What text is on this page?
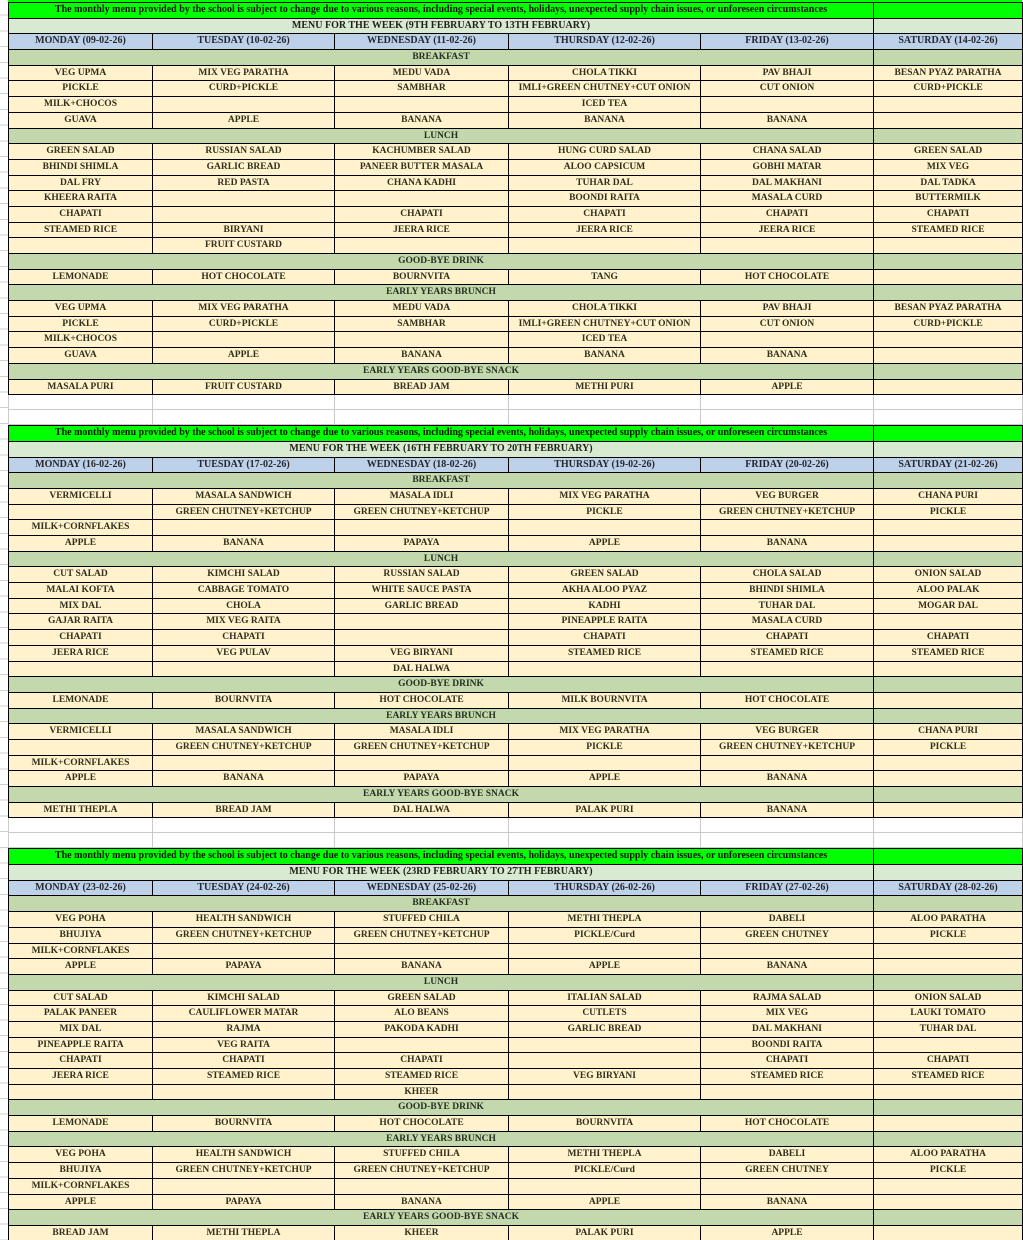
The monthly menu provided by the school is subject to change due to various reasons, including special events, holidays, unexpected supply chain issues, or unforeseen circumstances					
MENU FOR THE WEEK (9TH FEBRUARY TO 13TH FEBRUARY)					
MONDAY (09-02-26)	TUESDAY (10-02-26)	WEDNESDAY (11-02-26)	THURSDAY (12-02-26)	FRIDAY (13-02-26)	SATURDAY (14-02-26)
BREAKFAST					
VEG UPMA	MIX VEG PARATHA	MEDU VADA	CHOLA TIKKI	PAV BHAJI	BESAN PYAZ PARATHA
PICKLE	CURD+PICKLE	SAMBHAR	IMLI+GREEN CHUTNEY+CUT ONION	CUT ONION	CURD+PICKLE
MILK+CHOCOS			ICED TEA		
GUAVA	APPLE	BANANA	BANANA	BANANA	
LUNCH					
GREEN SALAD	RUSSIAN SALAD	KACHUMBER SALAD	HUNG CURD SALAD	CHANA SALAD	GREEN SALAD
BHINDI SHIMLA	GARLIC BREAD	PANEER BUTTER MASALA	ALOO CAPSICUM	GOBHI MATAR	MIX VEG
DAL FRY	RED PASTA	CHANA KADHI	TUHAR DAL	DAL MAKHANI	DAL TADKA
KHEERA RAITA			BOONDI RAITA	MASALA CURD	BUTTERMILK
CHAPATI		CHAPATI	CHAPATI	CHAPATI	CHAPATI
STEAMED RICE	BIRYANI	JEERA RICE	JEERA RICE	JEERA RICE	STEAMED RICE
	FRUIT CUSTARD				
GOOD-BYE DRINK					
LEMONADE	HOT CHOCOLATE	BOURNVITA	TANG	HOT CHOCOLATE	
EARLY YEARS BRUNCH					
VEG UPMA	MIX VEG PARATHA	MEDU VADA	CHOLA TIKKI	PAV BHAJI	BESAN PYAZ PARATHA
PICKLE	CURD+PICKLE	SAMBHAR	IMLI+GREEN CHUTNEY+CUT ONION	CUT ONION	CURD+PICKLE
MILK+CHOCOS			ICED TEA		
GUAVA	APPLE	BANANA	BANANA	BANANA	
EARLY YEARS GOOD-BYE SNACK					
MASALA PURI	FRUIT CUSTARD	BREAD JAM	METHI PURI	APPLE	
The monthly menu provided by the school is subject to change due to various reasons, including special events, holidays, unexpected supply chain issues, or unforeseen circumstances					
MENU FOR THE WEEK (16TH FEBRUARY TO 20TH FEBRUARY)					
MONDAY (16-02-26)	TUESDAY (17-02-26)	WEDNESDAY (18-02-26)	THURSDAY (19-02-26)	FRIDAY (20-02-26)	SATURDAY (21-02-26)
BREAKFAST					
VERMICELLI	MASALA SANDWICH	MASALA IDLI	MIX VEG PARATHA	VEG BURGER	CHANA PURI
	GREEN CHUTNEY+KETCHUP	GREEN CHUTNEY+KETCHUP	PICKLE	GREEN CHUTNEY+KETCHUP	PICKLE
MILK+CORNFLAKES					
APPLE	BANANA	PAPAYA	APPLE	BANANA	
LUNCH					
CUT SALAD	KIMCHI SALAD	RUSSIAN SALAD	GREEN SALAD	CHOLA SALAD	ONION SALAD
MALAI KOFTA	CABBAGE TOMATO	WHITE SAUCE PASTA	AKHA ALOO PYAZ	BHINDI SHIMLA	ALOO PALAK
MIX DAL	CHOLA	GARLIC BREAD	KADHI	TUHAR DAL	MOGAR DAL
GAJAR RAITA	MIX VEG RAITA		PINEAPPLE RAITA	MASALA CURD	
CHAPATI	CHAPATI		CHAPATI	CHAPATI	CHAPATI
JEERA RICE	VEG PULAV	VEG BIRYANI	STEAMED RICE	STEAMED RICE	STEAMED RICE
		DAL HALWA			
GOOD-BYE DRINK					
LEMONADE	BOURNVITA	HOT CHOCOLATE	MILK BOURNVITA	HOT CHOCOLATE	
EARLY YEARS BRUNCH					
VERMICELLI	MASALA SANDWICH	MASALA IDLI	MIX VEG PARATHA	VEG BURGER	CHANA PURI
	GREEN CHUTNEY+KETCHUP	GREEN CHUTNEY+KETCHUP	PICKLE	GREEN CHUTNEY+KETCHUP	PICKLE
MILK+CORNFLAKES					
APPLE	BANANA	PAPAYA	APPLE	BANANA	
EARLY YEARS GOOD-BYE SNACK					
METHI THEPLA	BREAD JAM	DAL HALWA	PALAK PURI	BANANA	
The monthly menu provided by the school is subject to change due to various reasons, including special events, holidays, unexpected supply chain issues, or unforeseen circumstances					
MENU FOR THE WEEK (23RD FEBRUARY TO 27TH FEBRUARY)					
MONDAY (23-02-26)	TUESDAY (24-02-26)	WEDNESDAY (25-02-26)	THURSDAY (26-02-26)	FRIDAY (27-02-26)	SATURDAY (28-02-26)
BREAKFAST					
VEG POHA	HEALTH SANDWICH	STUFFED CHILA	METHI THEPLA	DABELI	ALOO PARATHA
BHUJIYA	GREEN CHUTNEY+KETCHUP	GREEN CHUTNEY+KETCHUP	PICKLE/Curd	GREEN CHUTNEY	PICKLE
MILK+CORNFLAKES					
APPLE	PAPAYA	BANANA	APPLE	BANANA	
LUNCH					
CUT SALAD	KIMCHI SALAD	GREEN SALAD	ITALIAN SALAD	RAJMA SALAD	ONION SALAD
PALAK PANEER	CAULIFLOWER MATAR	ALO BEANS	CUTLETS	MIX VEG	LAUKI TOMATO
MIX DAL	RAJMA	PAKODA KADHI	GARLIC BREAD	DAL MAKHANI	TUHAR DAL
PINEAPPLE RAITA	VEG RAITA			BOONDI RAITA	
CHAPATI	CHAPATI	CHAPATI		CHAPATI	CHAPATI
JEERA RICE	STEAMED RICE	STEAMED RICE	VEG BIRYANI	STEAMED RICE	STEAMED RICE
		KHEER			
GOOD-BYE DRINK					
LEMONADE	BOURNVITA	HOT CHOCOLATE	BOURNVITA	HOT CHOCOLATE	
EARLY YEARS BRUNCH					
VEG POHA	HEALTH SANDWICH	STUFFED CHILA	METHI THEPLA	DABELI	ALOO PARATHA
BHUJIYA	GREEN CHUTNEY+KETCHUP	GREEN CHUTNEY+KETCHUP	PICKLE/Curd	GREEN CHUTNEY	PICKLE
MILK+CORNFLAKES					
APPLE	PAPAYA	BANANA	APPLE	BANANA	
EARLY YEARS GOOD-BYE SNACK					
BREAD JAM	METHI THEPLA	KHEER	PALAK PURI	APPLE	
